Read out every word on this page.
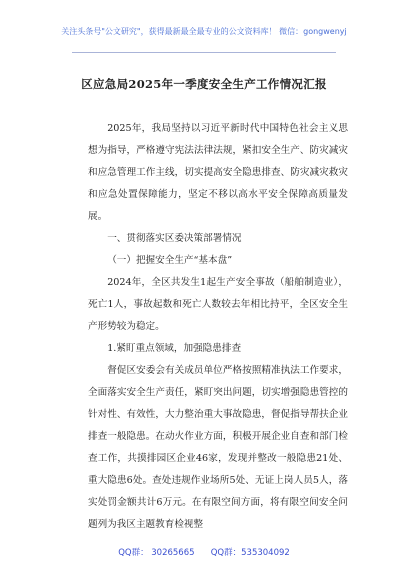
关注头条号"公文研究"，获得最新最全最专业的公文资料库！ 微信：gongwenyj
区应急局2025年一季度安全生产工作情况汇报

2025年，我局坚持以习近平新时代中国特色社会主义思想为指导，严格遵守宪法法律法规，紧扣安全生产、防灾减灾和应急管理工作主线，切实提高安全隐患排查、防灾减灾救灾和应急处置保障能力，坚定不移以高水平安全保障高质量发展。

一、贯彻落实区委决策部署情况

（一）把握安全生产“基本盘”

2024年，全区共发生1起生产安全事故（船舶制造业），死亡1人，事故起数和死亡人数较去年相比持平，全区安全生产形势较为稳定。

1.紧盯重点领域，加强隐患排查

督促区安委会有关成员单位严格按照精准执法工作要求，全面落实安全生产责任，紧盯突出问题，切实增强隐患管控的针对性、有效性，大力整治重大事故隐患，督促指导帮扶企业排查一般隐患。在动火作业方面，积极开展企业自查和部门检查工作，共摸排园区企业46家，发现并整改一般隐患21处、重大隐患6处。查处违规作业场所5处、无证上岗人员5人，落实处罚金额共计6万元。在有限空间方面，将有限空间安全问题列为我区主题教育检视整

QQ群： 30265665      QQ群：535304092
